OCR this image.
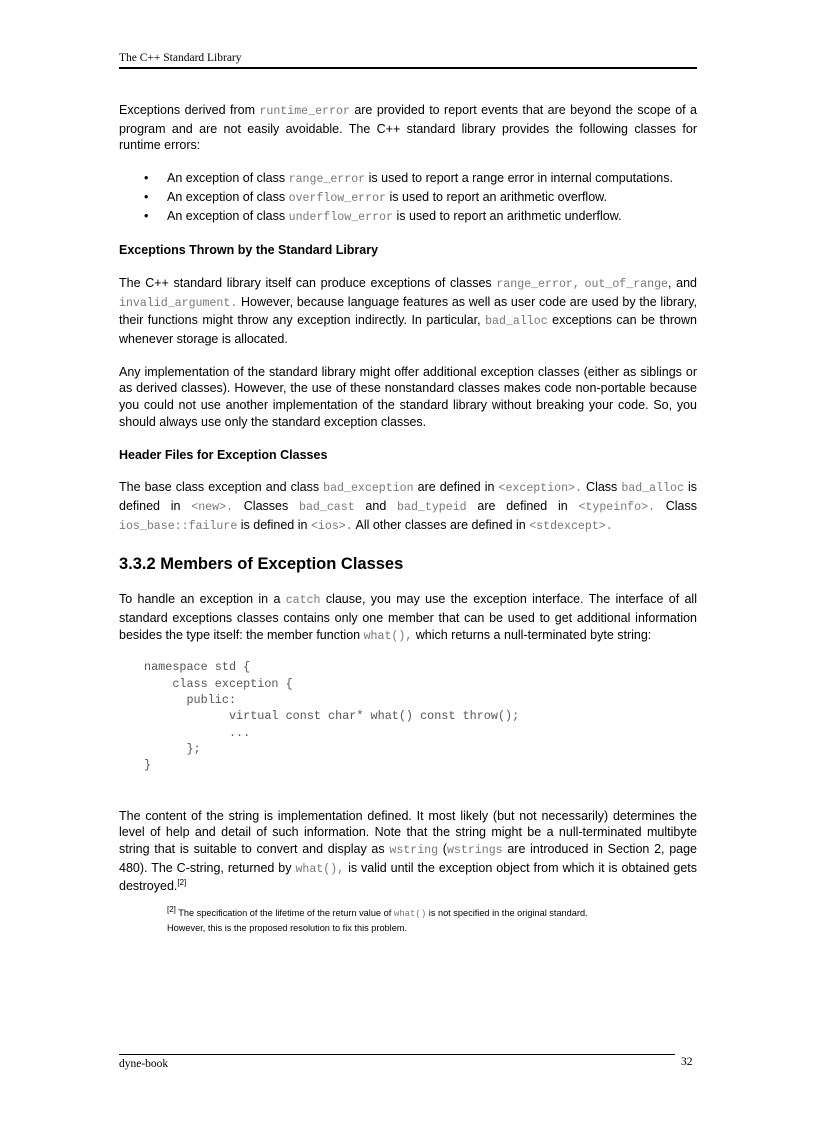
The C++ Standard Library

Exceptions derived from runtime_error are provided to report events that are beyond the scope of a program and are not easily avoidable. The C++ standard library provides the following classes for runtime errors:

• An exception of class range_error is used to report a range error in internal computations.
• An exception of class overflow_error is used to report an arithmetic overflow.
• An exception of class underflow_error is used to report an arithmetic underflow.
Exceptions Thrown by the Standard Library

The C++ standard library itself can produce exceptions of classes range_error, out_of_range, and invalid_argument. However, because language features as well as user code are used by the library, their functions might throw any exception indirectly. In particular, bad_alloc exceptions can be thrown whenever storage is allocated.

Any implementation of the standard library might offer additional exception classes (either as siblings or as derived classes). However, the use of these nonstandard classes makes code non-portable because you could not use another implementation of the standard library without breaking your code. So, you should always use only the standard exception classes.

Header Files for Exception Classes

The base class exception and class bad_exception are defined in <exception>. Class bad_alloc is defined in <new>. Classes bad_cast and bad_typeid are defined in <typeinfo>. Class ios_base::failure is defined in <ios>. All other classes are defined in <stdexcept>.

3.3.2 Members of Exception Classes

To handle an exception in a catch clause, you may use the exception interface. The interface of all standard exceptions classes contains only one member that can be used to get additional information besides the type itself: the member function what(), which returns a null-terminated byte string:

namespace std {
class exception {
public:
virtual const char* what() const throw();
...
};
}

The content of the string is implementation defined. It most likely (but not necessarily) determines the level of help and detail of such information. Note that the string might be a null-terminated multibyte string that is suitable to convert and display as wstring (wstrings are introduced in Section 2, page 480). The C-string, returned by what(), is valid until the exception object from which it is obtained gets destroyed.[2]

[2] The specification of the lifetime of the return value of what() is not specified in the original standard.
However, this is the proposed resolution to fix this problem.
dyne-book	32
